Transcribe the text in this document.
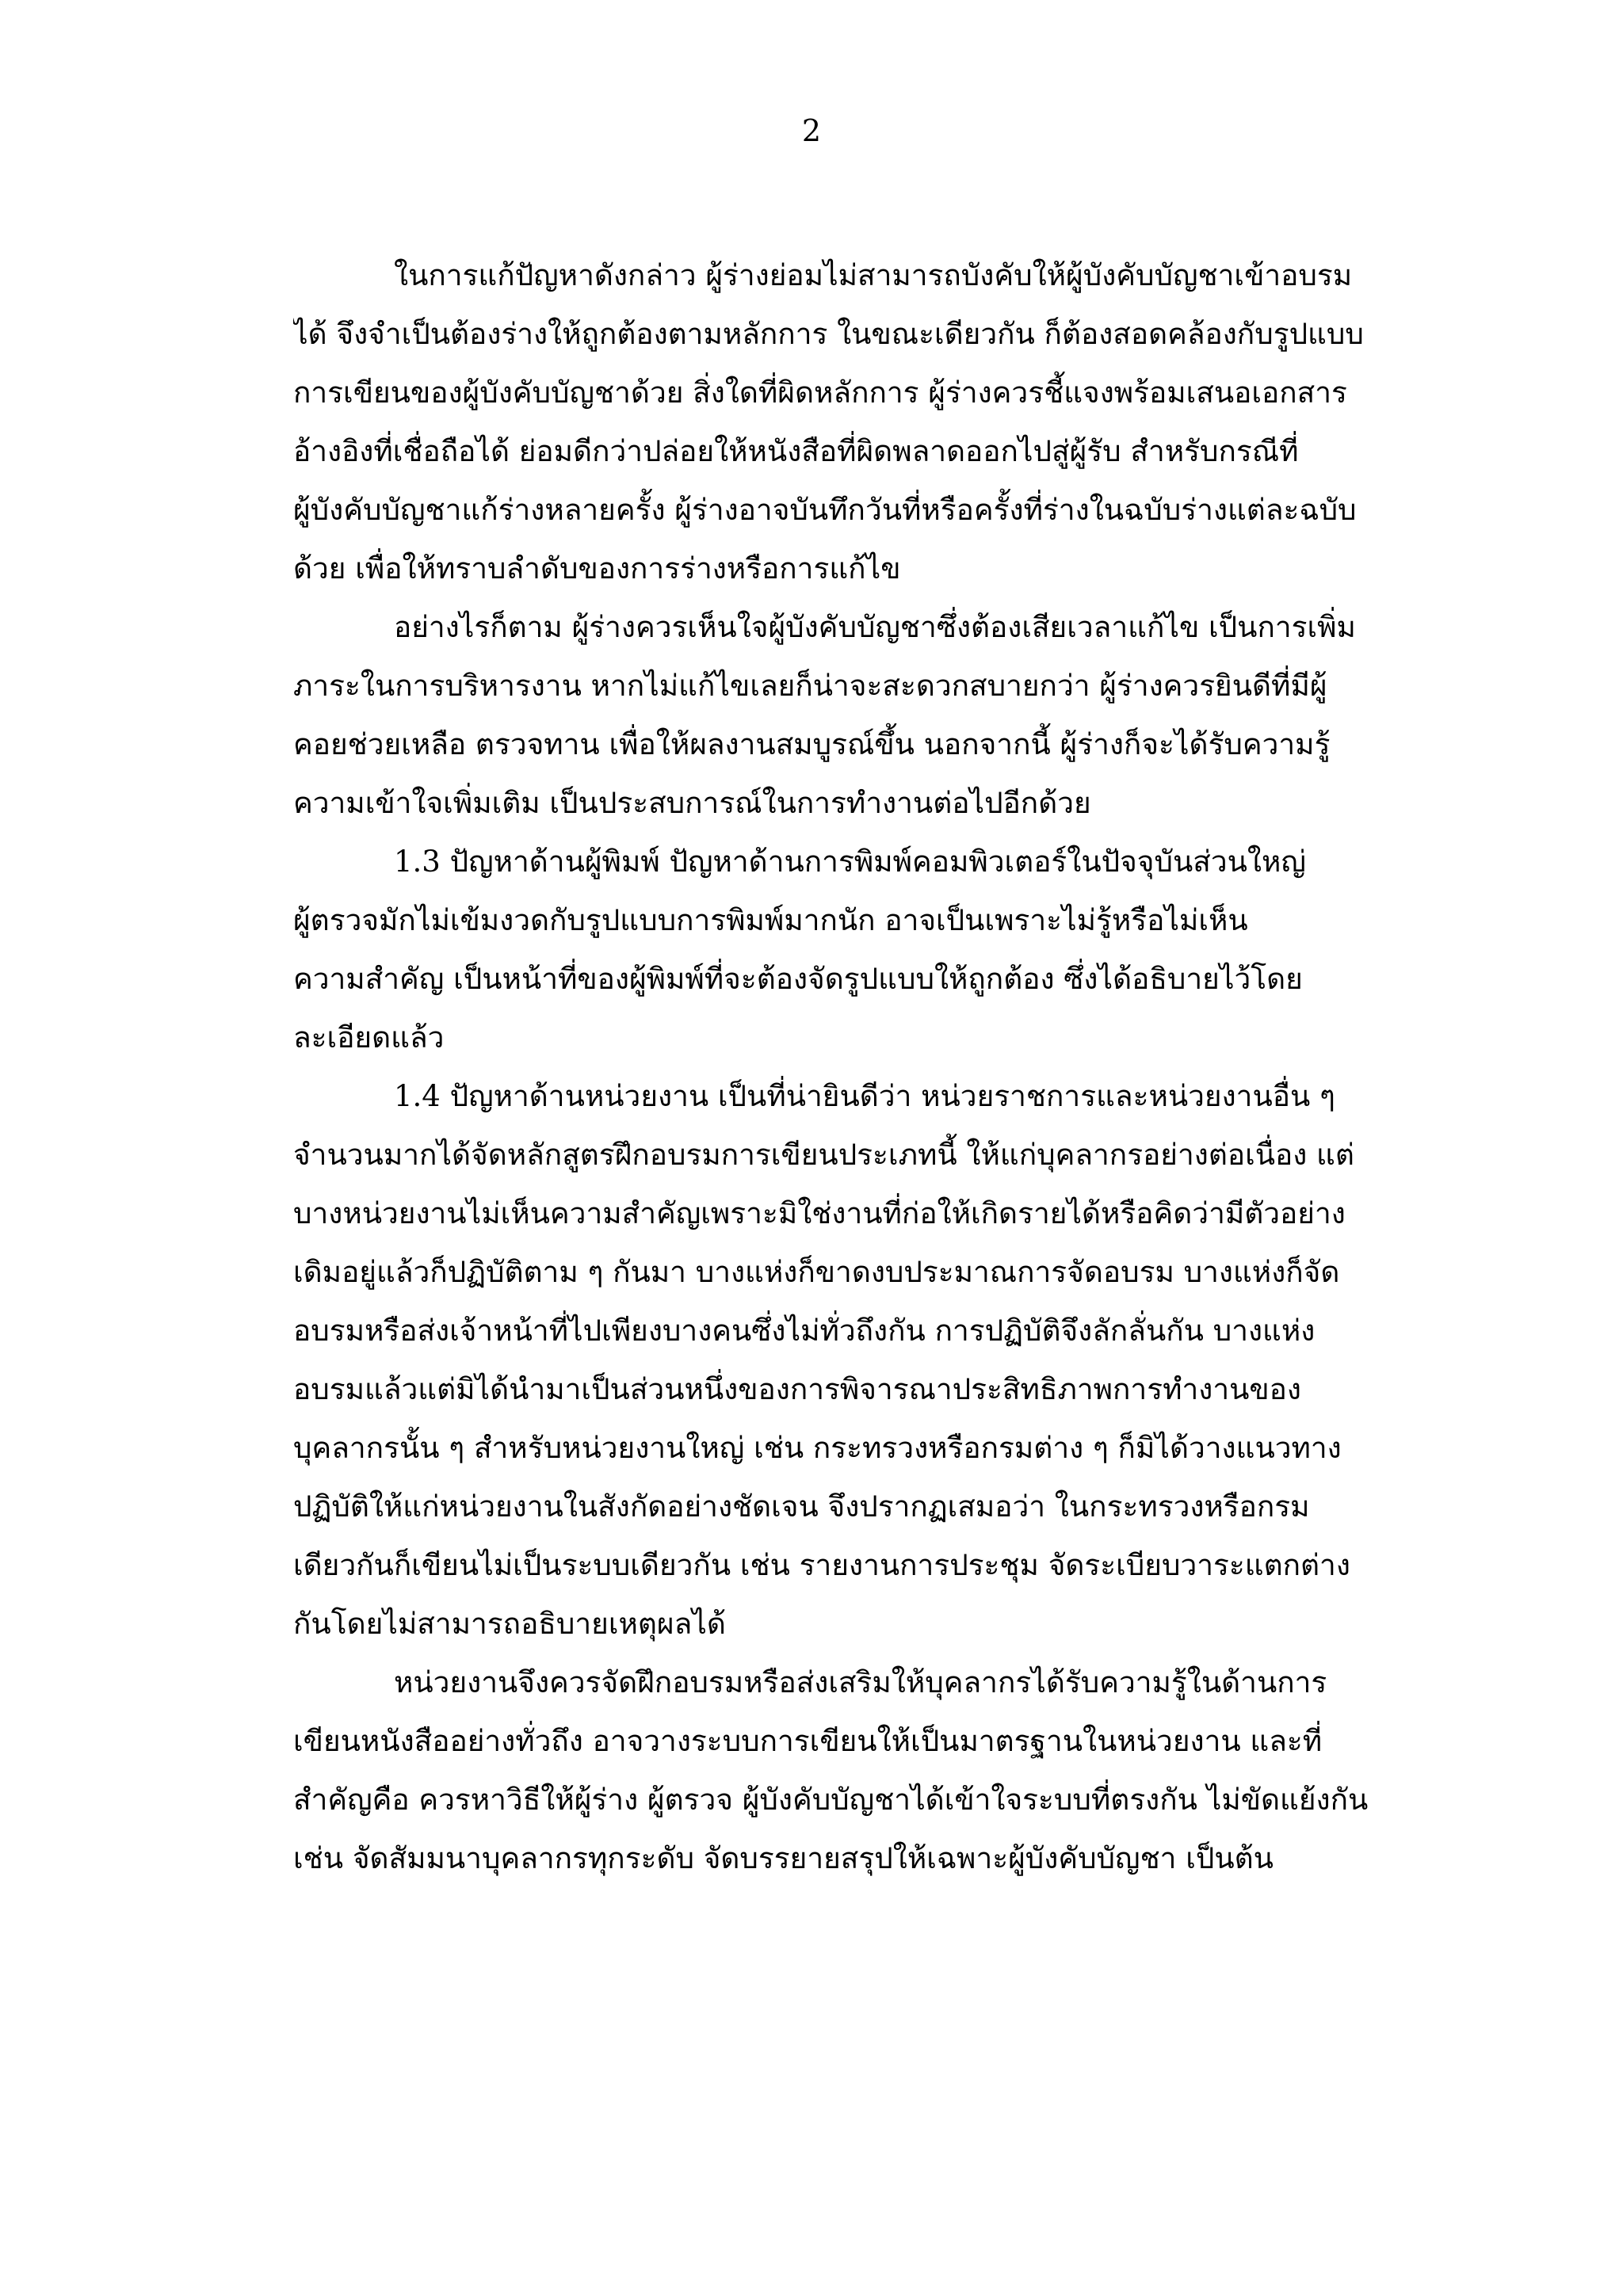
2
ในการแก้ปัญหาดังกล่าว ผู้ร่างย่อมไม่สามารถบังคับให้ผู้บังคับบัญชาเข้าอบรม
ได้ จึงจำเป็นต้องร่างให้ถูกต้องตามหลักการ ในขณะเดียวกัน ก็ต้องสอดคล้องกับรูปแบบ
การเขียนของผู้บังคับบัญชาด้วย สิ่งใดที่ผิดหลักการ ผู้ร่างควรชี้แจงพร้อมเสนอเอกสาร
อ้างอิงที่เชื่อถือได้ ย่อมดีกว่าปล่อยให้หนังสือที่ผิดพลาดออกไปสู่ผู้รับ สำหรับกรณีที่
ผู้บังคับบัญชาแก้ร่างหลายครั้ง ผู้ร่างอาจบันทึกวันที่หรือครั้งที่ร่างในฉบับร่างแต่ละฉบับ
ด้วย เพื่อให้ทราบลำดับของการร่างหรือการแก้ไข
อย่างไรก็ตาม ผู้ร่างควรเห็นใจผู้บังคับบัญชาซึ่งต้องเสียเวลาแก้ไข เป็นการเพิ่ม
ภาระในการบริหารงาน หากไม่แก้ไขเลยก็น่าจะสะดวกสบายกว่า ผู้ร่างควรยินดีที่มีผู้
คอยช่วยเหลือ ตรวจทาน เพื่อให้ผลงานสมบูรณ์ขึ้น นอกจากนี้ ผู้ร่างก็จะได้รับความรู้
ความเข้าใจเพิ่มเติม เป็นประสบการณ์ในการทำงานต่อไปอีกด้วย
1.3 ปัญหาด้านผู้พิมพ์ ปัญหาด้านการพิมพ์คอมพิวเตอร์ในปัจจุบันส่วนใหญ่
ผู้ตรวจมักไม่เข้มงวดกับรูปแบบการพิมพ์มากนัก อาจเป็นเพราะไม่รู้หรือไม่เห็น
ความสำคัญ เป็นหน้าที่ของผู้พิมพ์ที่จะต้องจัดรูปแบบให้ถูกต้อง ซึ่งได้อธิบายไว้โดย
ละเอียดแล้ว
1.4 ปัญหาด้านหน่วยงาน เป็นที่น่ายินดีว่า หน่วยราชการและหน่วยงานอื่น ๆ
จำนวนมากได้จัดหลักสูตรฝึกอบรมการเขียนประเภทนี้ ให้แก่บุคลากรอย่างต่อเนื่อง แต่
บางหน่วยงานไม่เห็นความสำคัญเพราะมิใช่งานที่ก่อให้เกิดรายได้หรือคิดว่ามีตัวอย่าง
เดิมอยู่แล้วก็ปฏิบัติตาม ๆ กันมา บางแห่งก็ขาดงบประมาณการจัดอบรม บางแห่งก็จัด
อบรมหรือส่งเจ้าหน้าที่ไปเพียงบางคนซึ่งไม่ทั่วถึงกัน การปฏิบัติจึงลักลั่นกัน บางแห่ง
อบรมแล้วแต่มิได้นำมาเป็นส่วนหนึ่งของการพิจารณาประสิทธิภาพการทำงานของ
บุคลากรนั้น ๆ สำหรับหน่วยงานใหญ่ เช่น กระทรวงหรือกรมต่าง ๆ ก็มิได้วางแนวทาง
ปฏิบัติให้แก่หน่วยงานในสังกัดอย่างชัดเจน จึงปรากฏเสมอว่า ในกระทรวงหรือกรม
เดียวกันก็เขียนไม่เป็นระบบเดียวกัน เช่น รายงานการประชุม จัดระเบียบวาระแตกต่าง
กันโดยไม่สามารถอธิบายเหตุผลได้
หน่วยงานจึงควรจัดฝึกอบรมหรือส่งเสริมให้บุคลากรได้รับความรู้ในด้านการ
เขียนหนังสืออย่างทั่วถึง อาจวางระบบการเขียนให้เป็นมาตรฐานในหน่วยงาน และที่
สำคัญคือ ควรหาวิธีให้ผู้ร่าง ผู้ตรวจ ผู้บังคับบัญชาได้เข้าใจระบบที่ตรงกัน ไม่ขัดแย้งกัน
เช่น จัดสัมมนาบุคลากรทุกระดับ จัดบรรยายสรุปให้เฉพาะผู้บังคับบัญชา เป็นต้น
